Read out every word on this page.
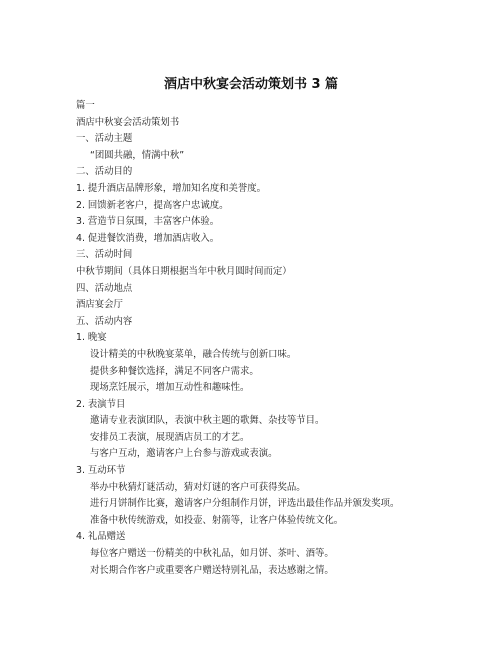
酒店中秋宴会活动策划书 3 篇
篇一
酒店中秋宴会活动策划书
一、活动主题
“团圆共融，情满中秋”
二、活动目的
1. 提升酒店品牌形象，增加知名度和美誉度。
2. 回馈新老客户，提高客户忠诚度。
3. 营造节日氛围，丰富客户体验。
4. 促进餐饮消费，增加酒店收入。
三、活动时间
中秋节期间（具体日期根据当年中秋月圆时间而定）
四、活动地点
酒店宴会厅
五、活动内容
1. 晚宴
设计精美的中秋晚宴菜单，融合传统与创新口味。
提供多种餐饮选择，满足不同客户需求。
现场烹饪展示，增加互动性和趣味性。
2. 表演节目
邀请专业表演团队，表演中秋主题的歌舞、杂技等节目。
安排员工表演，展现酒店员工的才艺。
与客户互动，邀请客户上台参与游戏或表演。
3. 互动环节
举办中秋猜灯谜活动，猜对灯谜的客户可获得奖品。
进行月饼制作比赛，邀请客户分组制作月饼，评选出最佳作品并颁发奖项。
准备中秋传统游戏，如投壶、射箭等，让客户体验传统文化。
4. 礼品赠送
每位客户赠送一份精美的中秋礼品，如月饼、茶叶、酒等。
对长期合作客户或重要客户赠送特别礼品，表达感谢之情。
